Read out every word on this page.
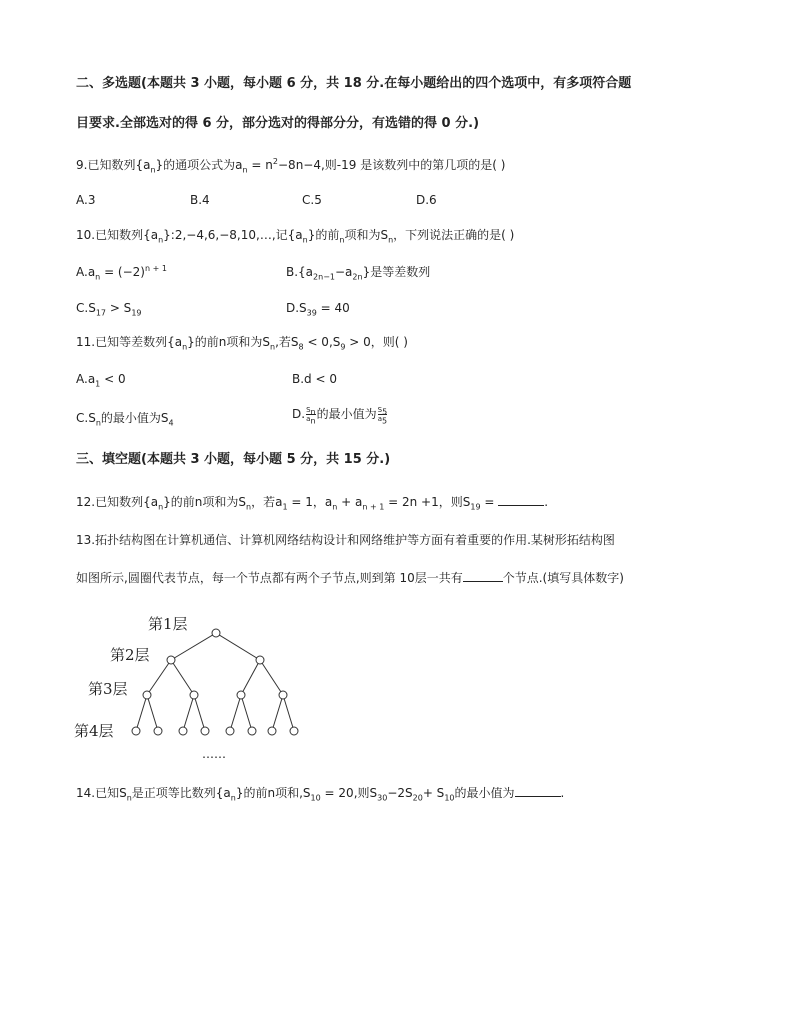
二、多选题(本题共 3 小题，每小题 6 分，共 18 分.在每小题给出的四个选项中，有多项符合题
目要求.全部选对的得 6 分，部分选对的得部分分，有选错的得 0 分.)
9.已知数列$\{a_n\}$的通项公式为$a_n = n^2-8n-4$,则-19 是该数列中的第几项的是( )
A.3	B.4	C.5	D.6
10.已知数列$\{a_n\}:2,-4,6,-8,10,\dots$,记$\{a_n\}$的前$_n$项和为$S_n$，下列说法正确的是( )
$A.a_n = (-2)^{n + 1}$	$B.\{a_{2n-1}-a_{2n}\}$是等差数列
$C.S_{17} > S_{19}$	$D.S_{39} = 40$
11.已知等差数列$\{a_n\}$的前n项和为$S_n$,若$S_8 < 0,S_9 > 0$，则( )
$A.a_1 < 0$	B.d < 0
$C.S_n$的最小值为$S_4$
D. $\frac{S_n}{a_n}$ 的最小值为 $\frac{S_5}{a_5}$
三、填空题(本题共 3 小题，每小题 5 分，共 15 分.)
12.已知数列$\{a_n\}$的前n项和为$S_n$，若$a_1 = 1$，$a_n + a_{n + 1} = 2n +1$，则$S_{19}$ =	.
13.拓扑结构图在计算机通信、计算机网络结构设计和网络维护等方面有着重要的作用.某树形拓结构图
如图所示,圆圈代表节点，每一个节点都有两个子节点,则到第 10层一共有	个节点.(填写具体数字)
第1层
第2层
第3层
第4层
……
14.已知$S_n$是正项等比数列$\{a_n\}$的前n项和$,S_{10} = 20$,则$S_{30}-2S_{20}+ S_{10}$的最小值为	.
